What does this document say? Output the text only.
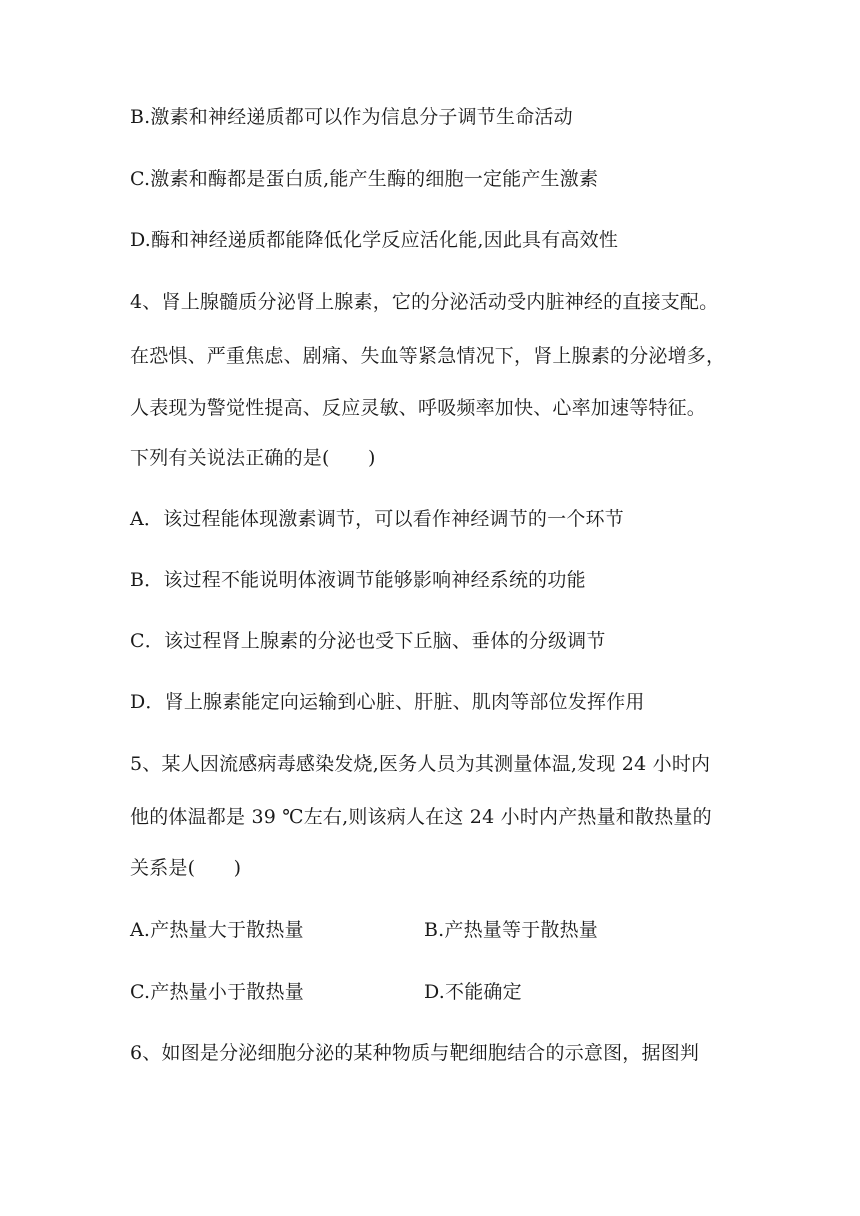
B.激素和神经递质都可以作为信息分子调节生命活动
C.激素和酶都是蛋白质,能产生酶的细胞一定能产生激素
D.酶和神经递质都能降低化学反应活化能,因此具有高效性
4、肾上腺髓质分泌肾上腺素，它的分泌活动受内脏神经的直接支配。
在恐惧、严重焦虑、剧痛、失血等紧急情况下，肾上腺素的分泌增多，
人表现为警觉性提高、反应灵敏、呼吸频率加快、心率加速等特征。
下列有关说法正确的是(　　)
A．该过程能体现激素调节，可以看作神经调节的一个环节
B．该过程不能说明体液调节能够影响神经系统的功能
C．该过程肾上腺素的分泌也受下丘脑、垂体的分级调节
D．肾上腺素能定向运输到心脏、肝脏、肌肉等部位发挥作用
5、某人因流感病毒感染发烧,医务人员为其测量体温,发现 24 小时内
他的体温都是 39 ℃左右,则该病人在这 24 小时内产热量和散热量的
关系是(　　)
A.产热量大于散热量	B.产热量等于散热量
C.产热量小于散热量	D.不能确定
6、如图是分泌细胞分泌的某种物质与靶细胞结合的示意图，据图判
